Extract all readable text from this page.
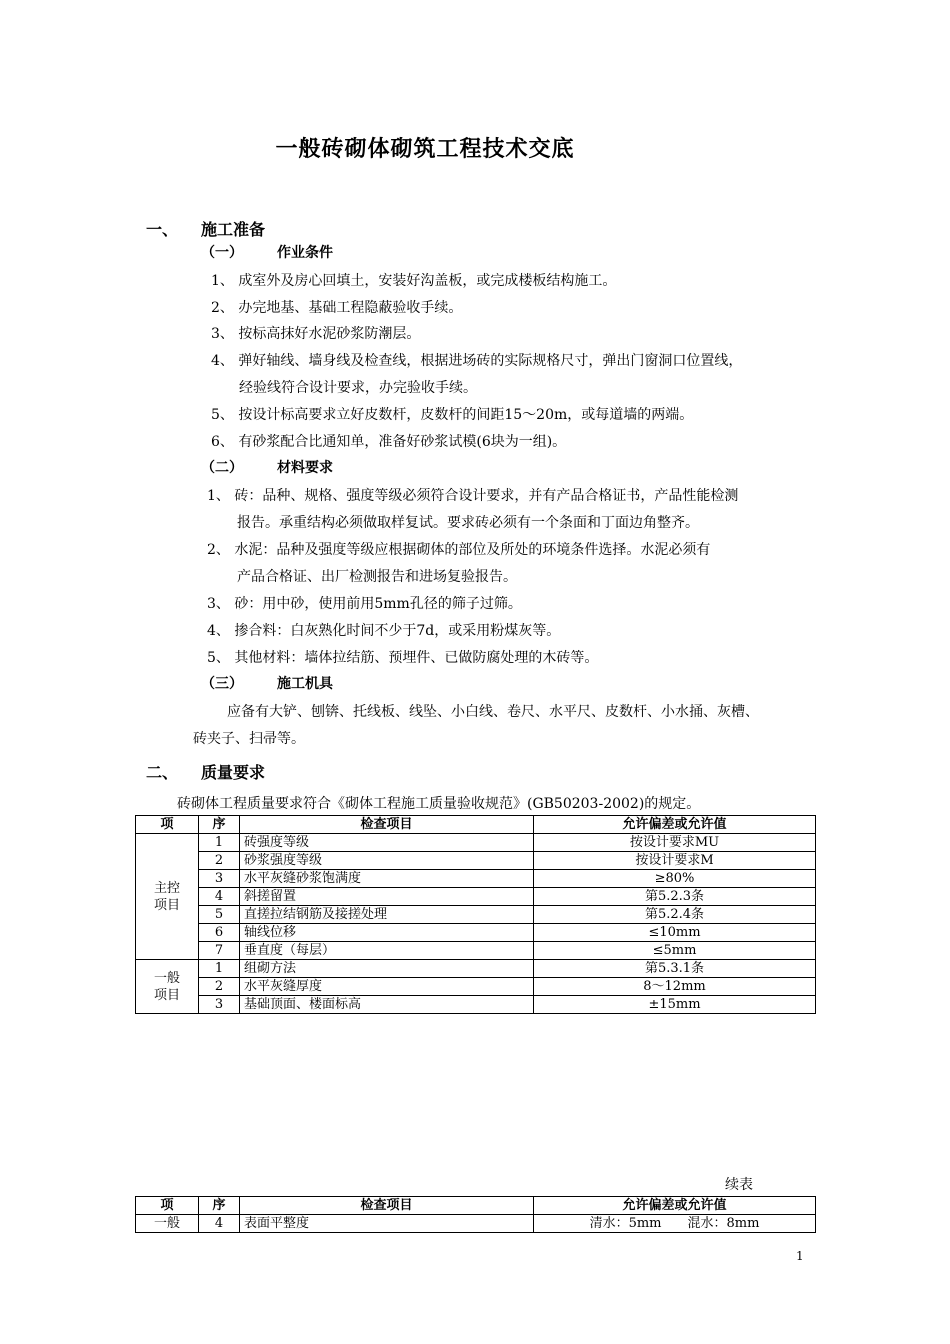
一般砖砌体砌筑工程技术交底
一、 施工准备
（一） 作业条件
1、 成室外及房心回填土，安装好沟盖板，或完成楼板结构施工。
2、 办完地基、基础工程隐蔽验收手续。
3、 按标高抹好水泥砂浆防潮层。
4、 弹好轴线、墙身线及检查线，根据进场砖的实际规格尺寸，弹出门窗洞口位置线，
经验线符合设计要求，办完验收手续。
5、 按设计标高要求立好皮数杆，皮数杆的间距15～20m，或每道墙的两端。
6、 有砂浆配合比通知单，准备好砂浆试模(6块为一组)。
（二） 材料要求
1、 砖：品种、规格、强度等级必须符合设计要求，并有产品合格证书，产品性能检测
报告。承重结构必须做取样复试。要求砖必须有一个条面和丁面边角整齐。
2、 水泥：品种及强度等级应根据砌体的部位及所处的环境条件选择。水泥必须有
产品合格证、出厂检测报告和进场复验报告。
3、 砂：用中砂，使用前用5mm孔径的筛子过筛。
4、 掺合料：白灰熟化时间不少于7d，或采用粉煤灰等。
5、 其他材料：墙体拉结筋、预埋件、已做防腐处理的木砖等。
（三） 施工机具
应备有大铲、刨锛、托线板、线坠、小白线、卷尺、水平尺、皮数杆、小水捅、灰槽、
砖夹子、扫帚等。
二、 质量要求
砖砌体工程质量要求符合《砌体工程施工质量验收规范》(GB50203-2002)的规定。
项	序	检查项目	允许偏差或允许值
主控
项目	1	砖强度等级	按设计要求MU
	2	砂浆强度等级	按设计要求M
	3	水平灰缝砂浆饱满度	≥80%
	4	斜搓留置	第5.2.3条
	5	直搓拉结钢筋及接搓处理	第5.2.4条
	6	轴线位移	≤10mm
	7	垂直度（每层）	≤5mm
一般
项目	1	组砌方法	第5.3.1条
	2	水平灰缝厚度	8～12mm
	3	基础顶面、楼面标高	±15mm
续表
项	序	检查项目	允许偏差或允许值
一般	4	表面平整度	清水：5mm　　混水：8mm
1
